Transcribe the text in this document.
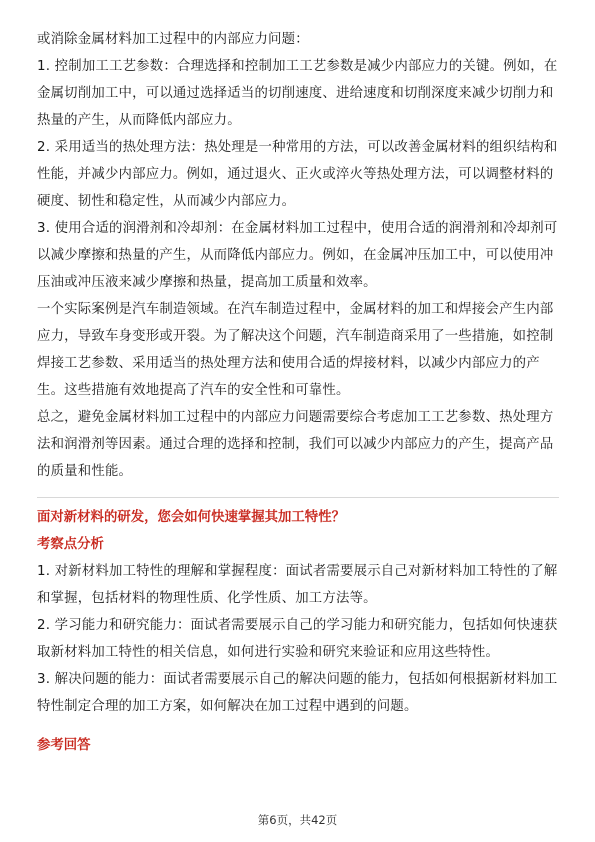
或消除金属材料加工过程中的内部应力问题：

1. 控制加工工艺参数：合理选择和控制加工工艺参数是减少内部应力的关键。例如，在金属切削加工中，可以通过选择适当的切削速度、进给速度和切削深度来减少切削力和热量的产生，从而降低内部应力。

2. 采用适当的热处理方法：热处理是一种常用的方法，可以改善金属材料的组织结构和性能，并减少内部应力。例如，通过退火、正火或淬火等热处理方法，可以调整材料的硬度、韧性和稳定性，从而减少内部应力。

3. 使用合适的润滑剂和冷却剂：在金属材料加工过程中，使用合适的润滑剂和冷却剂可以减少摩擦和热量的产生，从而降低内部应力。例如，在金属冲压加工中，可以使用冲压油或冲压液来减少摩擦和热量，提高加工质量和效率。

一个实际案例是汽车制造领域。在汽车制造过程中，金属材料的加工和焊接会产生内部应力，导致车身变形或开裂。为了解决这个问题，汽车制造商采用了一些措施，如控制焊接工艺参数、采用适当的热处理方法和使用合适的焊接材料，以减少内部应力的产生。这些措施有效地提高了汽车的安全性和可靠性。

总之，避免金属材料加工过程中的内部应力问题需要综合考虑加工工艺参数、热处理方法和润滑剂等因素。通过合理的选择和控制，我们可以减少内部应力的产生，提高产品的质量和性能。

面对新材料的研发，您会如何快速掌握其加工特性？

考察点分析

1. 对新材料加工特性的理解和掌握程度：面试者需要展示自己对新材料加工特性的了解和掌握，包括材料的物理性质、化学性质、加工方法等。

2. 学习能力和研究能力：面试者需要展示自己的学习能力和研究能力，包括如何快速获取新材料加工特性的相关信息，如何进行实验和研究来验证和应用这些特性。

3. 解决问题的能力：面试者需要展示自己的解决问题的能力，包括如何根据新材料加工特性制定合理的加工方案，如何解决在加工过程中遇到的问题。

参考回答

第6页，共42页
